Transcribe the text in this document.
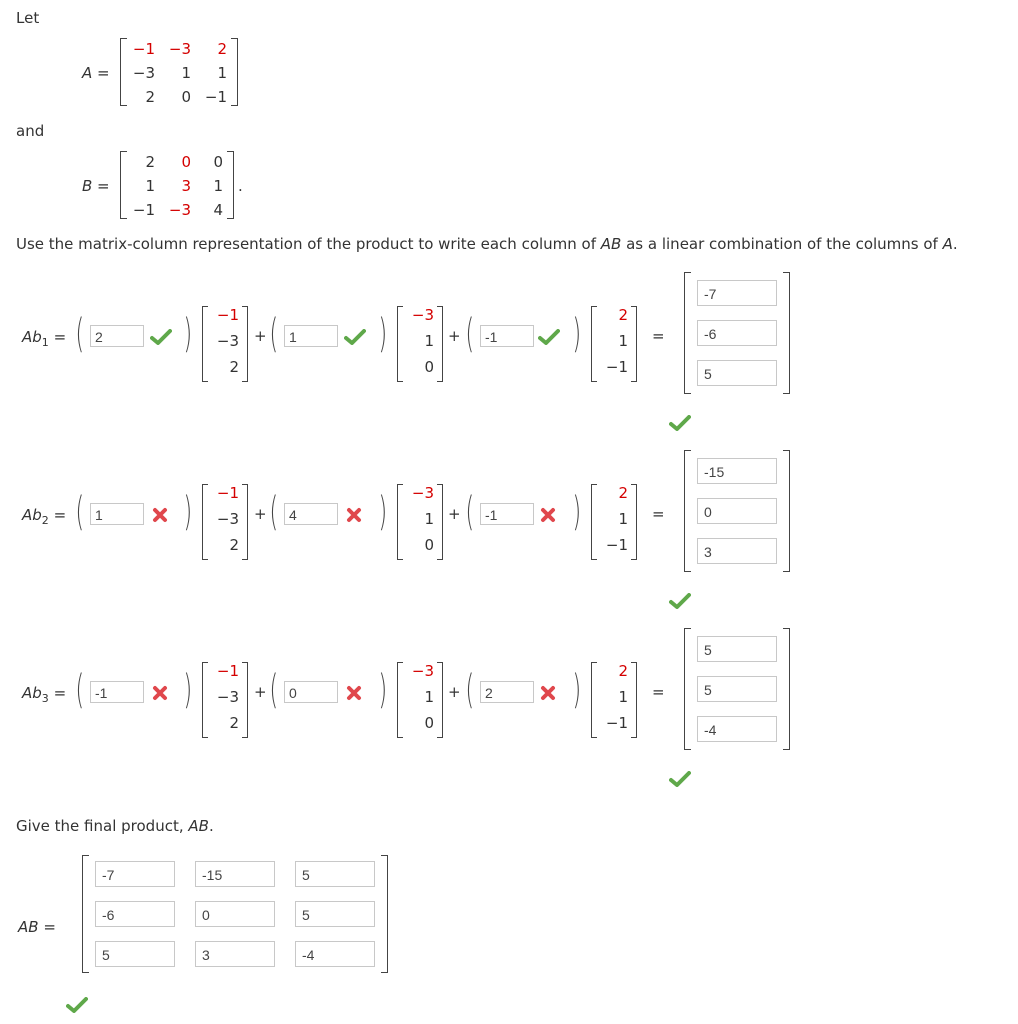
Let
A =
−1 −3	2
−3	1	1
2	0 −1
and
B =
2	0	0
1	3	1
−1 −3	4
.
Use the matrix-column representation of the product to write each column of AB as a linear combination of the columns of A.
$Ab_1$ = ( 2	)	−1
−3
2
+ ( 1	)	−3
1
0
+ ( -1	)	2
1
−1
=
-7
-6
5
$Ab_2$ = ( 1	)	−1
−3
2
+ ( 4	)	−3
1
0
+ ( -1	)	2
1
−1
=
-15
0
3
$Ab_3$ = ( -1	)	−1
−3
2
+ ( 0	)	−3
1
0
+ ( 2	)	2
1
−1
=
5
5
-4
Give the final product, AB.
AB =
-7	-15	5
-6	0	5
5	3	-4
